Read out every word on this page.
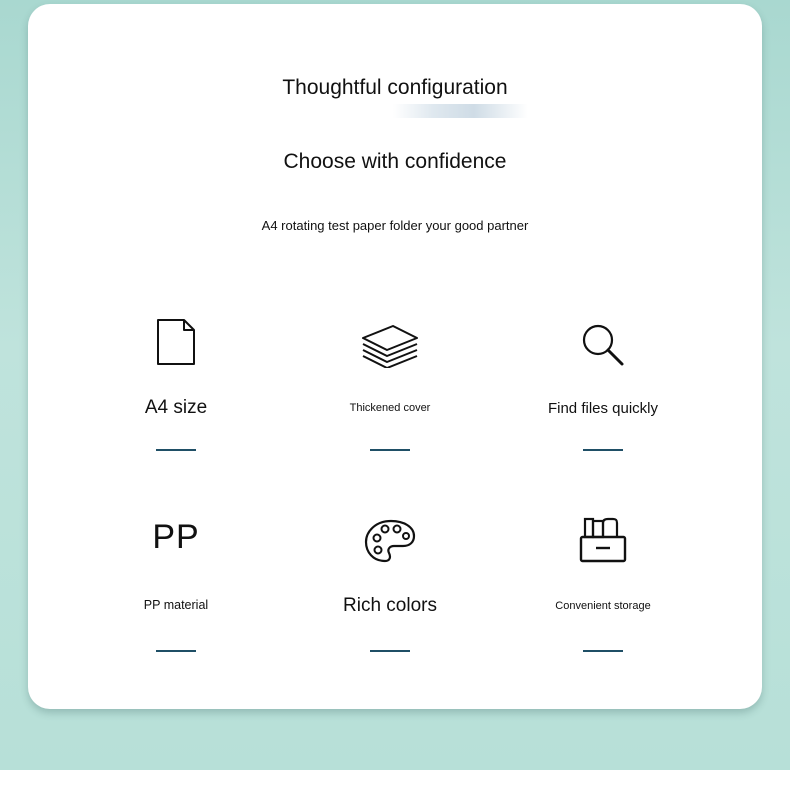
Thoughtful configuration
Choose with confidence
A4 rotating test paper folder your good partner
A4 size	Thickened cover	Find files quickly
PP
PP material	Rich colors	Convenient storage
